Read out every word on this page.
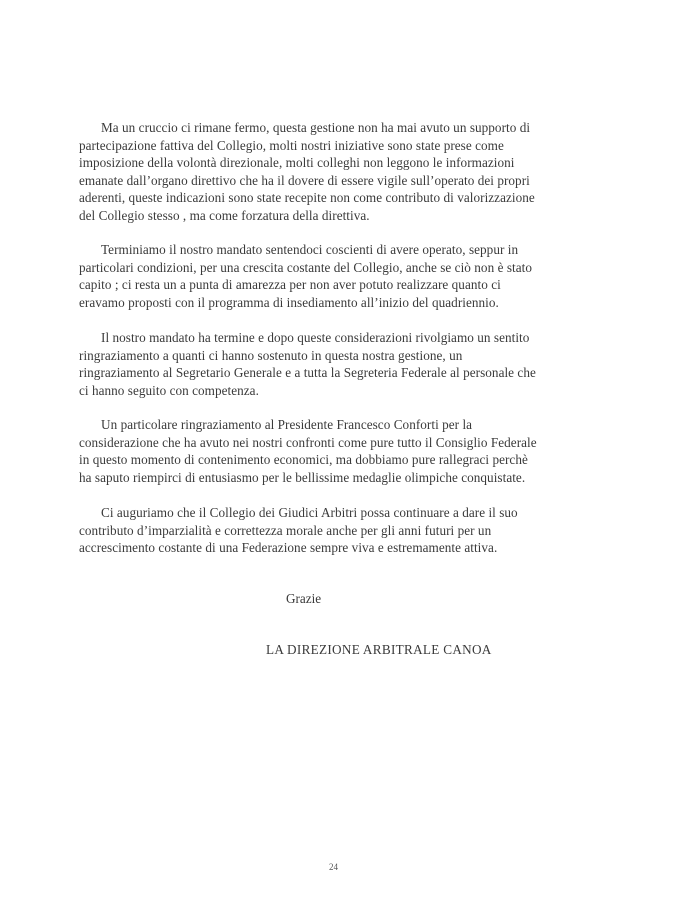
Ma un cruccio ci rimane fermo, questa gestione non ha mai avuto un supporto di
partecipazione fattiva del Collegio, molti nostri iniziative sono state prese come
imposizione della volontà direzionale, molti colleghi non leggono le informazioni
emanate dall’organo direttivo che ha il dovere di essere vigile sull’operato dei propri
aderenti, queste indicazioni sono state recepite non come contributo di valorizzazione
del Collegio stesso , ma come forzatura della direttiva.

Terminiamo il nostro mandato sentendoci coscienti di avere operato, seppur in
particolari condizioni, per una crescita costante del Collegio, anche se ciò non è stato
capito ; ci resta un a punta di amarezza per non aver potuto realizzare quanto ci
eravamo proposti con il programma di insediamento all’inizio del quadriennio.

Il nostro mandato ha termine e dopo queste considerazioni rivolgiamo un sentito
ringraziamento a quanti ci hanno sostenuto in questa nostra gestione, un
ringraziamento al Segretario Generale e a tutta la Segreteria Federale al personale che
ci hanno seguito con competenza.

Un particolare ringraziamento al Presidente Francesco Conforti per la
considerazione che ha avuto nei nostri confronti come pure tutto il Consiglio Federale
in questo momento di contenimento economici, ma dobbiamo pure rallegraci perchè
ha saputo riempirci di entusiasmo per le bellissime medaglie olimpiche conquistate.

Ci auguriamo che il Collegio dei Giudici Arbitri possa continuare a dare il suo
contributo d’imparzialità e correttezza morale anche per gli anni futuri per un
accrescimento costante di una Federazione sempre viva e estremamente attiva.

Grazie
LA DIREZIONE ARBITRALE CANOA
24
